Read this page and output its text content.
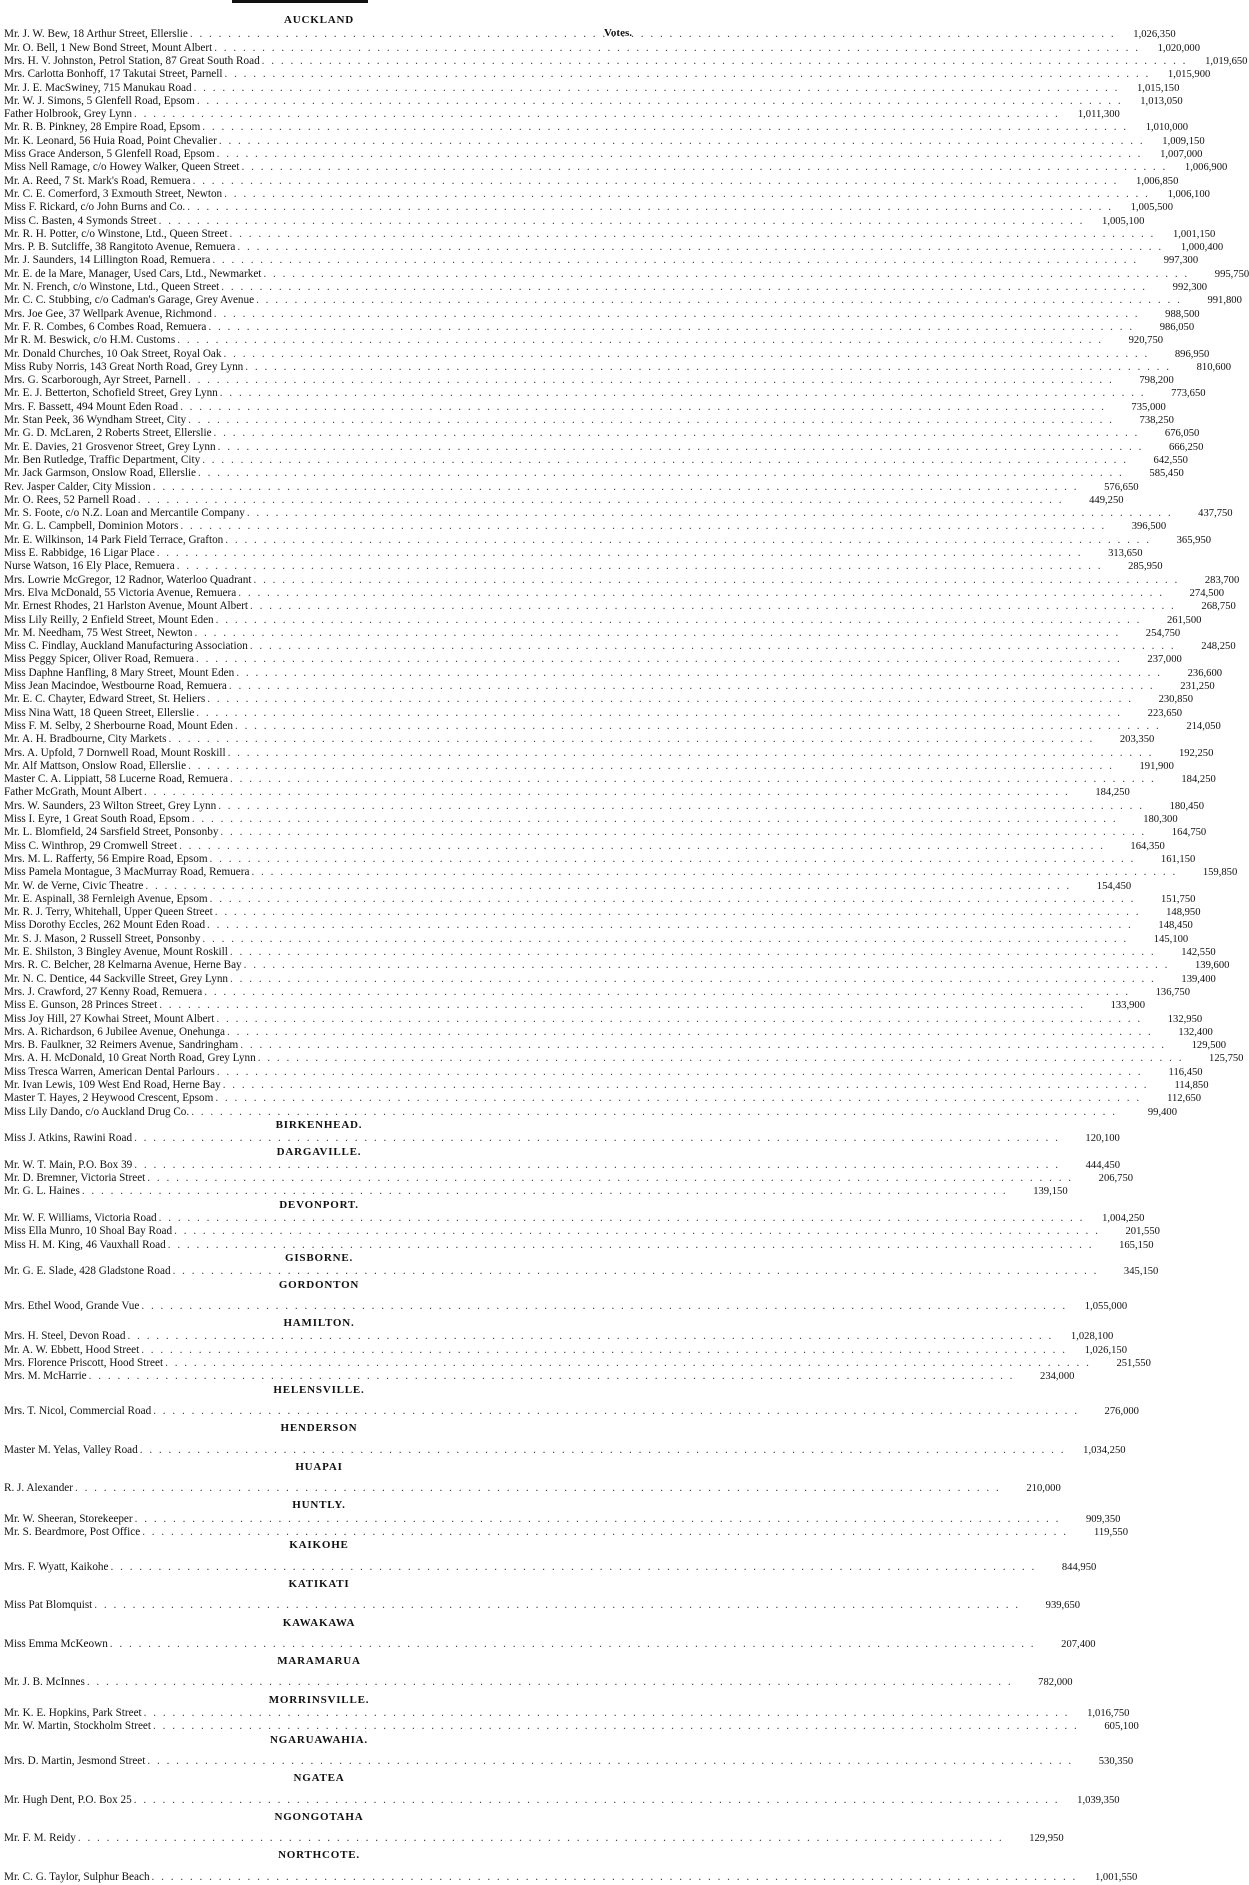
Votes.
AUCKLAND
Mr. J. W. Bew, 18 Arthur Street, Ellerslie . . .	1,026,350
Mr. O. Bell, 1 New Bond Street, Mount Albert . . .	1,020,000
Mrs. H. V. Johnston, Petrol Station, 87 Great South Road . . .	1,019,650
Mrs. Carlotta Bonhoff, 17 Takutai Street, Parnell . . .	1,015,900
Mr. J. E. MacSwiney, 715 Manukau Road . . .	1,015,150
Mr. W. J. Simons, 5 Glenfell Road, Epsom . . .	1,013,050
Father Holbrook, Grey Lynn . . .	1,011,300
Mr. R. B. Pinkney, 28 Empire Road, Epsom . . .	1,010,000
Mr. K. Leonard, 56 Huia Road, Point Chevalier . . .	1,009,150
Miss Grace Anderson, 5 Glenfell Road, Epsom . . .	1,007,000
Miss Nell Ramage, c/o Howey Walker, Queen Street . . .	1,006,900
Mr. A. Reed, 7 St. Mark's Road, Remuera . . .	1,006,850
Mr. C. E. Comerford, 3 Exmouth Street, Newton . . .	1,006,100
Miss F. Rickard, c/o John Burns and Co. . . .	1,005,500
Miss C. Basten, 4 Symonds Street . . .	1,005,100
Mr. R. H. Potter, c/o Winstone, Ltd., Queen Street . . .	1,001,150
Mrs. P. B. Sutcliffe, 38 Rangitoto Avenue, Remuera . . .	1,000,400
Mr. J. Saunders, 14 Lillington Road, Remuera . . .	997,300
Mr. E. de la Mare, Manager, Used Cars, Ltd., Newmarket . . .	995,750
Mr. N. French, c/o Winstone, Ltd., Queen Street . . .	992,300
Mr. C. C. Stubbing, c/o Cadman's Garage, Grey Avenue . . .	991,800
Mrs. Joe Gee, 37 Wellpark Avenue, Richmond . . .	988,500
Mr. F. R. Combes, 6 Combes Road, Remuera . . .	986,050
Mr R. M. Beswick, c/o H.M. Customs . . .	920,750
Mr. Donald Churches, 10 Oak Street, Royal Oak . . .	896,950
Miss Ruby Norris, 143 Great North Road, Grey Lynn . . .	810,600
Mrs. G. Scarborough, Ayr Street, Parnell . . .	798,200
Mr. E. J. Betterton, Schofield Street, Grey Lynn . . .	773,650
Mrs. F. Bassett, 494 Mount Eden Road . . .	735,000
Mr. Stan Peek, 36 Wyndham Street, City . . .	738,250
Mr. G. D. McLaren, 2 Roberts Street, Ellerslie . . .	676,050
Mr. E. Davies, 21 Grosvenor Street, Grey Lynn . . .	666,250
Mr. Ben Rutledge, Traffic Department, City . . .	642,550
Mr. Jack Garmson, Onslow Road, Ellerslie . . .	585,450
Rev. Jasper Calder, City Mission . . .	576,650
Mr. O. Rees, 52 Parnell Road . . .	449,250
Mr. S. Foote, c/o N.Z. Loan and Mercantile Company . . .	437,750
Mr. G. L. Campbell, Dominion Motors . . .	396,500
Mr. E. Wilkinson, 14 Park Field Terrace, Grafton . . .	365,950
Miss E. Rabbidge, 16 Ligar Place . . .	313,650
Nurse Watson, 16 Ely Place, Remuera . . .	285,950
Mrs. Lowrie McGregor, 12 Radnor, Waterloo Quadrant . . .	283,700
Mrs. Elva McDonald, 55 Victoria Avenue, Remuera . . .	274,500
Mr. Ernest Rhodes, 21 Harlston Avenue, Mount Albert . . .	268,750
Miss Lily Reilly, 2 Enfield Street, Mount Eden . . .	261,500
Mr. M. Needham, 75 West Street, Newton . . .	254,750
Miss C. Findlay, Auckland Manufacturing Association . . .	248,250
Miss Peggy Spicer, Oliver Road, Remuera . . .	237,000
Miss Daphne Hanfling, 8 Mary Street, Mount Eden . . .	236,600
Miss Jean Macindoe, Westbourne Road, Remuera . . .	231,250
Mr. E. C. Chayter, Edward Street, St. Heliers . . .	230,850
Miss Nina Watt, 18 Queen Street, Ellerslie . . .	223,650
Miss F. M. Selby, 2 Sherbourne Road, Mount Eden . . .	214,050
Mr. A. H. Bradbourne, City Markets . . .	203,350
Mrs. A. Upfold, 7 Dornwell Road, Mount Roskill . . .	192,250
Mr. Alf Mattson, Onslow Road, Ellerslie . . .	191,900
Master C. A. Lippiatt, 58 Lucerne Road, Remuera . . .	184,250
Father McGrath, Mount Albert . . .	184,250
Mrs. W. Saunders, 23 Wilton Street, Grey Lynn . . .	180,450
Miss I. Eyre, 1 Great South Road, Epsom . . .	180,300
Mr. L. Blomfield, 24 Sarsfield Street, Ponsonby . . .	164,750
Miss C. Winthrop, 29 Cromwell Street . . .	164,350
Mrs. M. L. Rafferty, 56 Empire Road, Epsom . . .	161,150
Miss Pamela Montague, 3 MacMurray Road, Remuera . . .	159,850
Mr. W. de Verne, Civic Theatre . . .	154,450
Mr. E. Aspinall, 38 Fernleigh Avenue, Epsom . . .	151,750
Mr. R. J. Terry, Whitehall, Upper Queen Street . . .	148,950
Miss Dorothy Eccles, 262 Mount Eden Road . . .	148,450
Mr. S. J. Mason, 2 Russell Street, Ponsonby . . .	145,100
Mr. E. Shilston, 3 Bingley Avenue, Mount Roskill . . .	142,550
Mrs. R. C. Belcher, 28 Kelmarna Avenue, Herne Bay . . .	139,600
Mr. N. C. Dentice, 44 Sackville Street, Grey Lynn . . .	139,400
Mrs. J. Crawford, 27 Kenny Road, Remuera . . .	136,750
Miss E. Gunson, 28 Princes Street . . .	133,900
Miss Joy Hill, 27 Kowhai Street, Mount Albert . . .	132,950
Mrs. A. Richardson, 6 Jubilee Avenue, Onehunga . . .	132,400
Mrs. B. Faulkner, 32 Reimers Avenue, Sandringham . . .	129,500
Mrs. A. H. McDonald, 10 Great North Road, Grey Lynn . . .	125,750
Miss Tresca Warren, American Dental Parlours . . .	116,450
Mr. Ivan Lewis, 109 West End Road, Herne Bay . . .	114,850
Master T. Hayes, 2 Heywood Crescent, Epsom . . .	112,650
Miss Lily Dando, c/o Auckland Drug Co. . . .	99,400
BIRKENHEAD.
Miss J. Atkins, Rawini Road . . .	120,100
DARGAVILLE.
Mr. W. T. Main, P.O. Box 39 . . .	444,450
Mr. D. Bremner, Victoria Street . . .	206,750
Mr. G. L. Haines . . .	139,150
DEVONPORT.
Mr. W. F. Williams, Victoria Road . . .	1,004,250
Miss Ella Munro, 10 Shoal Bay Road . . .	201,550
Miss H. M. King, 46 Vauxhall Road . . .	165,150
GISBORNE.
Mr. G. E. Slade, 428 Gladstone Road . . .	345,150
GORDONTON
Mrs. Ethel Wood, Grande Vue . . .	1,055,000
HAMILTON.
Mrs. H. Steel, Devon Road . . .	1,028,100
Mr. A. W. Ebbett, Hood Street . . .	1,026,150
Mrs. Florence Priscott, Hood Street . . .	251,550
Mrs. M. McHarrie . . .	234,000
HELENSVILLE.
Mrs. T. Nicol, Commercial Road . . .	276,000
HENDERSON
Master M. Yelas, Valley Road . . .	1,034,250
HUAPAI
R. J. Alexander . . .	210,000
HUNTLY.
Mr. W. Sheeran, Storekeeper . . .	909,350
Mr. S. Beardmore, Post Office . . .	119,550
KAIKOHE
Mrs. F. Wyatt, Kaikohe . . .	844,950
KATIKATI
Miss Pat Blomquist . . .	939,650
KAWAKAWA
Miss Emma McKeown . . .	207,400
MARAMARUA
Mr. J. B. McInnes . . .	782,000
MORRINSVILLE.
Mr. K. E. Hopkins, Park Street . . .	1,016,750
Mr. W. Martin, Stockholm Street . . .	605,100
NGARUAWAHIA.
Mrs. D. Martin, Jesmond Street . . .	530,350
NGATEA
Mr. Hugh Dent, P.O. Box 25 . . .	1,039,350
NGONGOTAHA
Mr. F. M. Reidy . . .	129,950
NORTHCOTE.
Mr. C. G. Taylor, Sulphur Beach . . .	1,001,550
